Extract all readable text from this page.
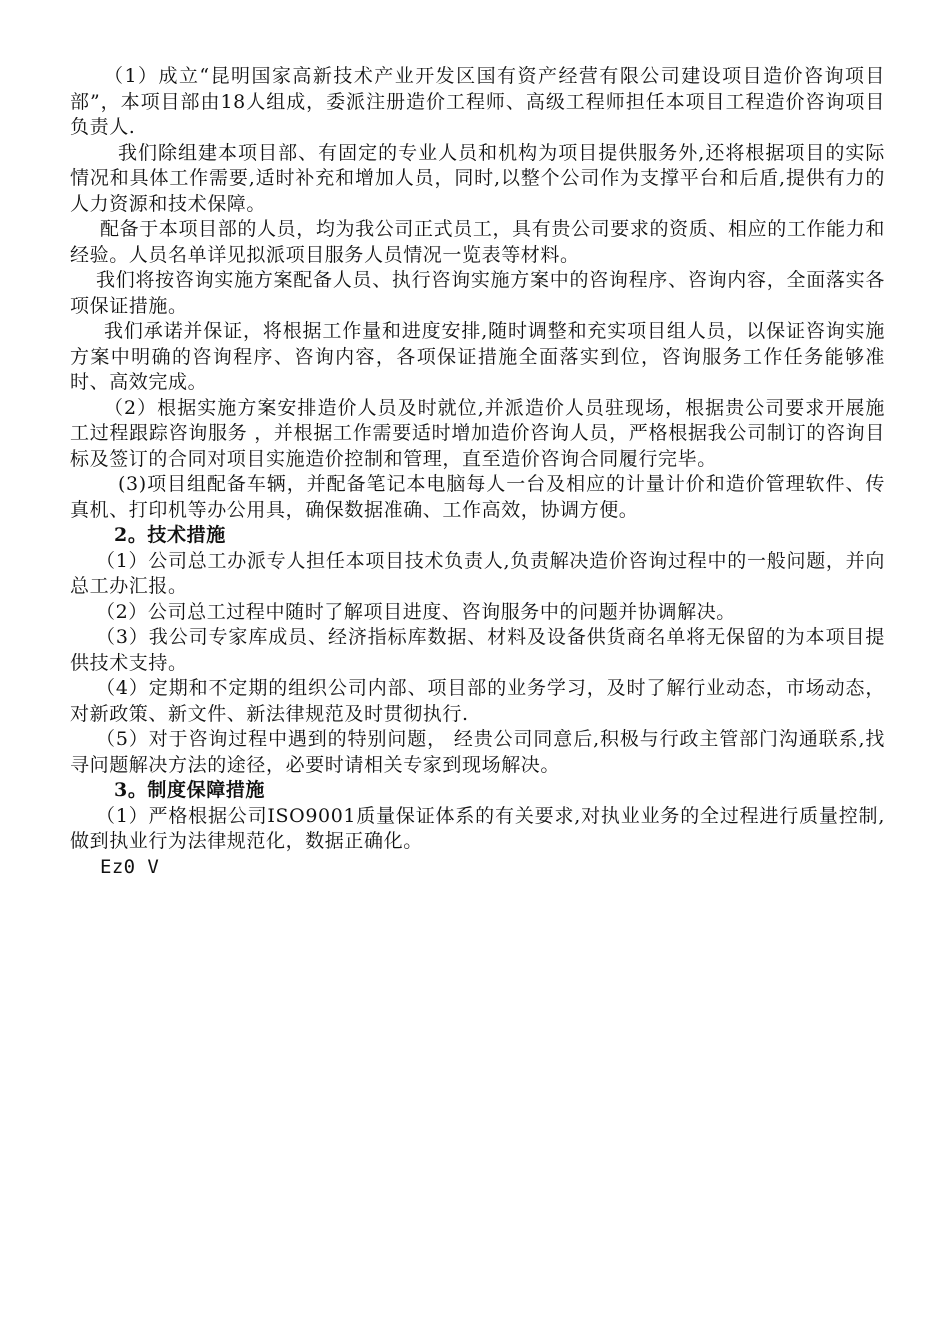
（1）成立“昆明国家高新技术产业开发区国有资产经营有限公司建设项目造价咨询项目部”，本项目部由18人组成，委派注册造价工程师、高级工程师担任本项目工程造价咨询项目负责人.

我们除组建本项目部、有固定的专业人员和机构为项目提供服务外,还将根据项目的实际情况和具体工作需要,适时补充和增加人员，同时,以整个公司作为支撑平台和后盾,提供有力的人力资源和技术保障。

配备于本项目部的人员，均为我公司正式员工，具有贵公司要求的资质、相应的工作能力和经验。人员名单详见拟派项目服务人员情况一览表等材料。

我们将按咨询实施方案配备人员、执行咨询实施方案中的咨询程序、咨询内容，全面落实各项保证措施。

我们承诺并保证，将根据工作量和进度安排,随时调整和充实项目组人员，以保证咨询实施方案中明确的咨询程序、咨询内容，各项保证措施全面落实到位，咨询服务工作任务能够准时、高效完成。

（2）根据实施方案安排造价人员及时就位,并派造价人员驻现场，根据贵公司要求开展施工过程跟踪咨询服务 ，并根据工作需要适时增加造价咨询人员，严格根据我公司制订的咨询目标及签订的合同对项目实施造价控制和管理，直至造价咨询合同履行完毕。

(3)项目组配备车辆，并配备笔记本电脑每人一台及相应的计量计价和造价管理软件、传真机、打印机等办公用具，确保数据准确、工作高效，协调方便。

2。技术措施

（1）公司总工办派专人担任本项目技术负责人,负责解决造价咨询过程中的一般问题，并向总工办汇报。

（2）公司总工过程中随时了解项目进度、咨询服务中的问题并协调解决。

（3）我公司专家库成员、经济指标库数据、材料及设备供货商名单将无保留的为本项目提供技术支持。

（4）定期和不定期的组织公司内部、项目部的业务学习，及时了解行业动态，市场动态，对新政策、新文件、新法律规范及时贯彻执行.

（5）对于咨询过程中遇到的特别问题， 经贵公司同意后,积极与行政主管部门沟通联系,找寻问题解决方法的途径，必要时请相关专家到现场解决。

3。制度保障措施

（1）严格根据公司ISO9001质量保证体系的有关要求,对执业业务的全过程进行质量控制,做到执业行为法律规范化，数据正确化。

Ez0 V
